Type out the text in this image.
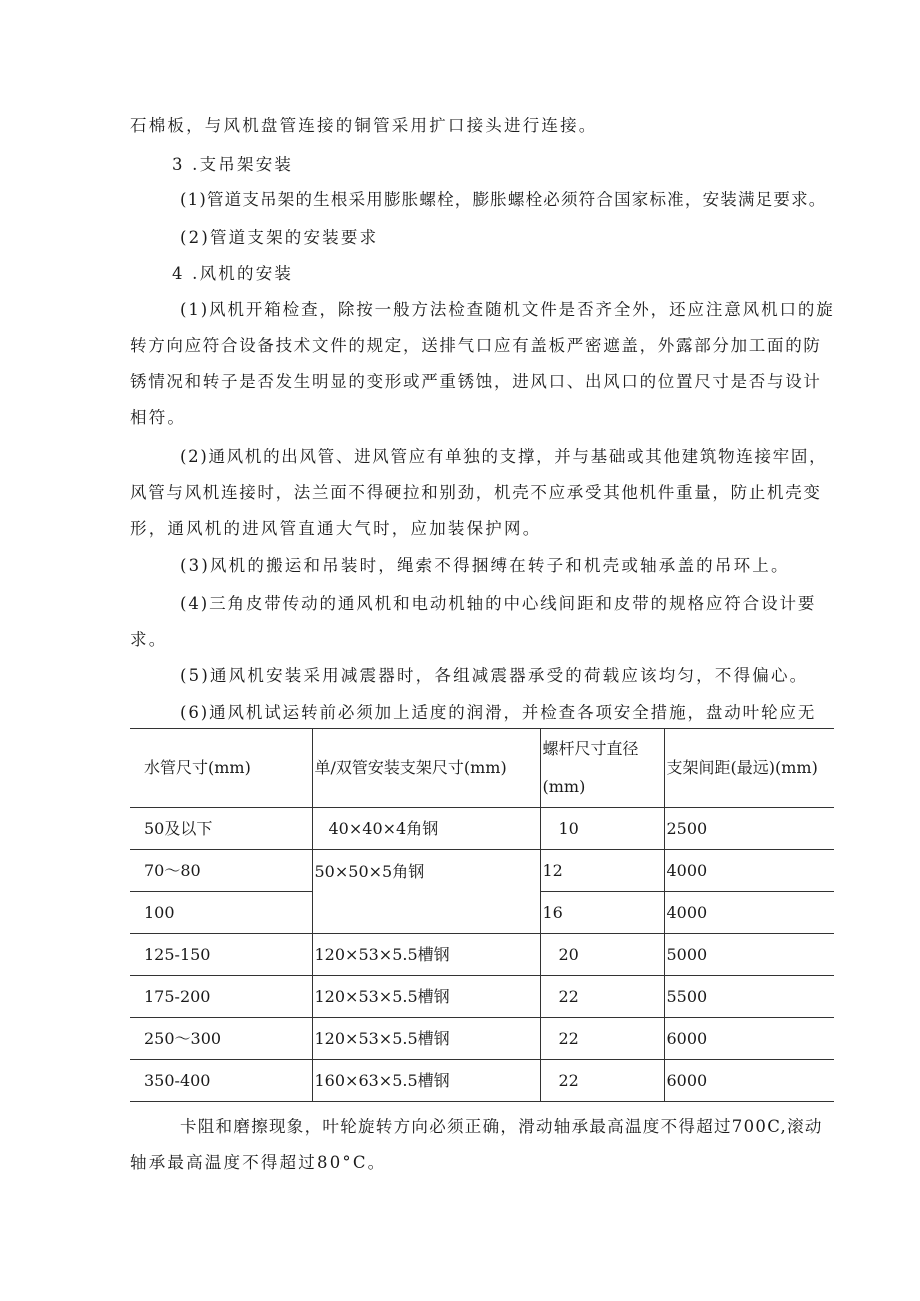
石棉板，与风机盘管连接的铜管采用扩口接头进行连接。
3 .支吊架安装
(1)管道支吊架的生根采用膨胀螺栓，膨胀螺栓必须符合国家标准，安装满足要求。
(2)管道支架的安装要求
4 .风机的安装
(1)风机开箱检查，除按一般方法检查随机文件是否齐全外，还应注意风机口的旋
转方向应符合设备技术文件的规定，送排气口应有盖板严密遮盖，外露部分加工面的防
锈情况和转子是否发生明显的变形或严重锈蚀，进风口、出风口的位置尺寸是否与设计
相符。
(2)通风机的出风管、进风管应有单独的支撑，并与基础或其他建筑物连接牢固，
风管与风机连接时，法兰面不得硬拉和别劲，机壳不应承受其他机件重量，防止机壳变
形，通风机的进风管直通大气时，应加装保护网。
(3)风机的搬运和吊装时，绳索不得捆缚在转子和机壳或轴承盖的吊环上。
(4)三角皮带传动的通风机和电动机轴的中心线间距和皮带的规格应符合设计要
求。
(5)通风机安装采用减震器时，各组减震器承受的荷载应该均匀，不得偏心。
(6)通风机试运转前必须加上适度的润滑，并检查各项安全措施，盘动叶轮应无
水管尺寸(mm)	单/双管安装支架尺寸(mm)	螺杆尺寸直径(mm)	支架间距(最远)(mm)
50及以下	40×40×4角钢	10	2500
70～80	50×50×5角钢	12	4000
100		16	4000
125-150	120×53×5.5槽钢	20	5000
175-200	120×53×5.5槽钢	22	5500
250～300	120×53×5.5槽钢	22	6000
350-400	160×63×5.5槽钢	22	6000
卡阻和磨擦现象，叶轮旋转方向必须正确，滑动轴承最高温度不得超过700C,滚动
轴承最高温度不得超过80°C。
